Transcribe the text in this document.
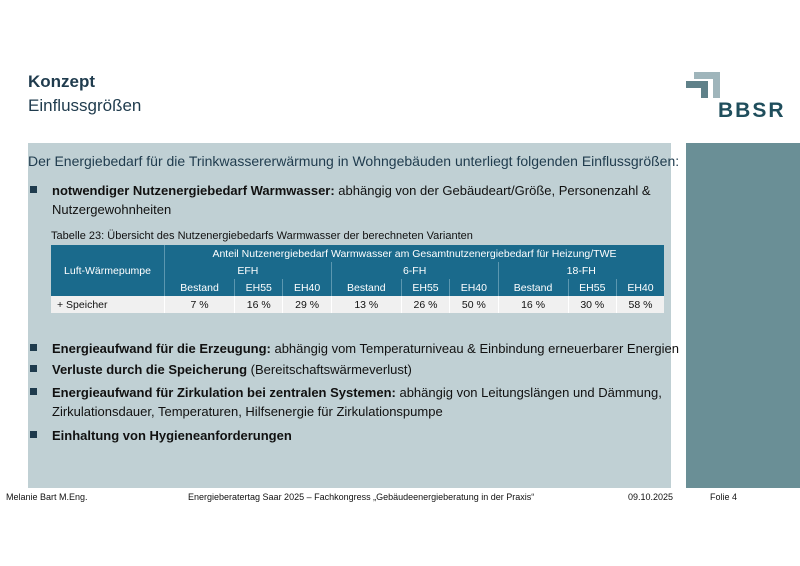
Konzept
Einflussgrößen	BBSR
Der Energiebedarf für die Trinkwassererwärmung in Wohngebäuden unterliegt folgenden Einflussgrößen:
notwendiger Nutzenergiebedarf Warmwasser: abhängig von der Gebäudeart/Größe, Personenzahl &
Nutzergewohnheiten
Tabelle 23: Übersicht des Nutzenergiebedarfs Warmwasser der berechneten Varianten
Luft-Wärmepumpe	Anteil Nutzenergiebedarf Warmwasser am Gesamtnutzenergiebedarf für Heizung/TWE								
	EFH			6-FH			18-FH		
	Bestand	EH55	EH40	Bestand	EH55	EH40	Bestand	EH55	EH40
+ Speicher	7 %	16 %	29 %	13 %	26 %	50 %	16 %	30 %	58 %
Energieaufwand für die Erzeugung: abhängig vom Temperaturniveau & Einbindung erneuerbarer Energien
Verluste durch die Speicherung (Bereitschaftswärmeverlust)
Energieaufwand für Zirkulation bei zentralen Systemen: abhängig von Leitungslängen und Dämmung,
Zirkulationsdauer, Temperaturen, Hilfsenergie für Zirkulationspumpe
Einhaltung von Hygieneanforderungen
Melanie Bart M.Eng.	Energieberatertag Saar 2025 – Fachkongress „Gebäudeenergieberatung in der Praxis“	09.10.2025	Folie 4
